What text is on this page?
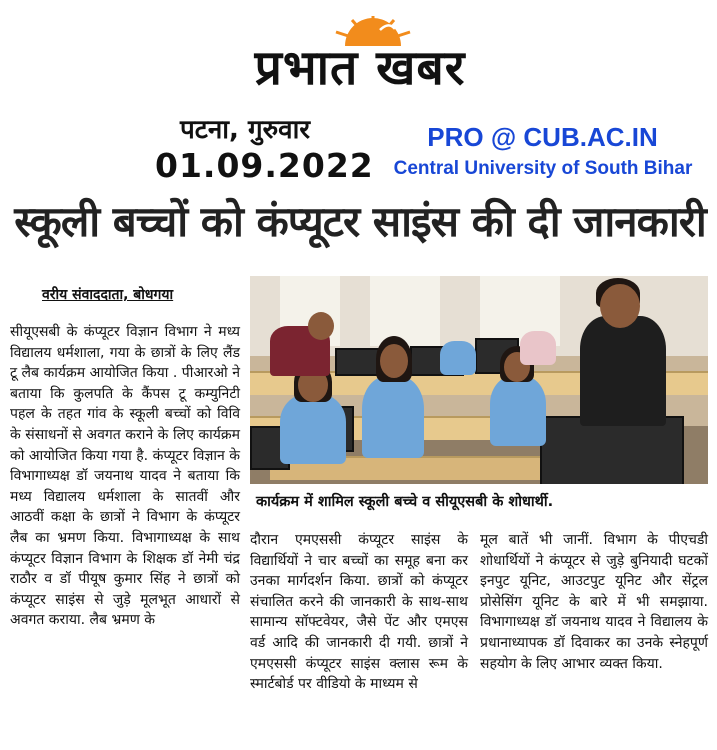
प्रभात खबर
पटना, गुरुवार
01.09.2022
PRO @ CUB.AC.IN
Central University of South Bihar
स्कूली बच्चों को कंप्यूटर साइंस की दी जानकारी
वरीय संवाददाता, बोधगया

सीयूएसबी के कंप्यूटर विज्ञान विभाग ने मध्य विद्यालय धर्मशाला, गया के छात्रों के लिए लैंड टू लैब कार्यक्रम आयोजित किया . पीआरओ ने बताया कि कुलपति के कैंपस टू कम्युनिटी पहल के तहत गांव के स्कूली बच्चों को विवि के संसाधनों से अवगत कराने के लिए कार्यक्रम को आयोजित किया गया है. कंप्यूटर विज्ञान के विभागाध्यक्ष डॉ जयनाथ यादव ने बताया कि मध्य विद्यालय धर्मशाला के सातवीं और आठवीं कक्षा के छात्रों ने विभाग के कंप्यूटर लैब का भ्रमण किया. विभागाध्यक्ष के साथ कंप्यूटर विज्ञान विभाग के शिक्षक डॉ नेमी चंद्र राठौर व डॉ पीयूष कुमार सिंह ने छात्रों को कंप्यूटर साइंस से जुड़े मूलभूत आधारों से अवगत कराया. लैब भ्रमण के

कार्यक्रम में शामिल स्कूली बच्चे व सीयूएसबी के शोधार्थी.

दौरान एमएससी कंप्यूटर साइंस के विद्यार्थियों ने चार बच्चों का समूह बना कर उनका मार्गदर्शन किया. छात्रों को कंप्यूटर संचालित करने की जानकारी के साथ-साथ सामान्य सॉफ्टवेयर, जैसे पेंट और एमएस वर्ड आदि की जानकारी दी गयी. छात्रों ने एमएससी कंप्यूटर साइंस क्लास रूम के स्मार्टबोर्ड पर वीडियो के माध्यम से

मूल बातें भी जानीं. विभाग के पीएचडी शोधार्थियों ने कंप्यूटर से जुड़े बुनियादी घटकों इनपुट यूनिट, आउटपुट यूनिट और सेंट्रल प्रोसेसिंग यूनिट के बारे में भी समझाया. विभागाध्यक्ष डॉ जयनाथ यादव ने विद्यालय के प्रधानाध्यापक डॉ दिवाकर का उनके स्नेहपूर्ण सहयोग के लिए आभार व्यक्त किया.
